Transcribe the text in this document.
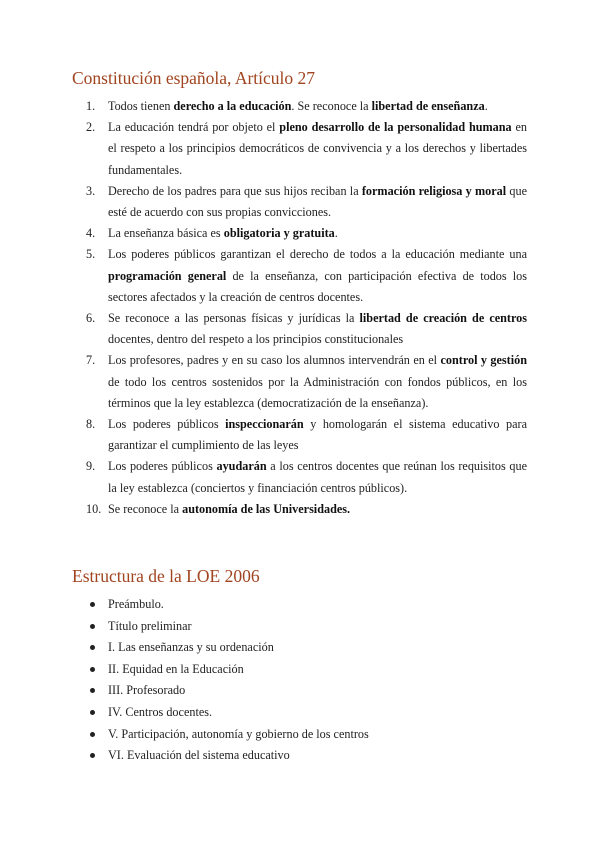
Constitución española, Artículo 27
1. Todos tienen derecho a la educación. Se reconoce la libertad de enseñanza.
2. La educación tendrá por objeto el pleno desarrollo de la personalidad humana en el respeto a los principios democráticos de convivencia y a los derechos y libertades fundamentales.
3. Derecho de los padres para que sus hijos reciban la formación religiosa y moral que esté de acuerdo con sus propias convicciones.
4. La enseñanza básica es obligatoria y gratuita.
5. Los poderes públicos garantizan el derecho de todos a la educación mediante una programación general de la enseñanza, con participación efectiva de todos los sectores afectados y la creación de centros docentes.
6. Se reconoce a las personas físicas y jurídicas la libertad de creación de centros docentes, dentro del respeto a los principios constitucionales
7. Los profesores, padres y en su caso los alumnos intervendrán en el control y gestión de todo los centros sostenidos por la Administración con fondos públicos, en los términos que la ley establezca (democratización de la enseñanza).
8. Los poderes públicos inspeccionarán y homologarán el sistema educativo para garantizar el cumplimiento de las leyes
9. Los poderes públicos ayudarán a los centros docentes que reúnan los requisitos que la ley establezca (conciertos y financiación centros públicos).
10. Se reconoce la autonomía de las Universidades.
Estructura de la LOE 2006
Preámbulo.
Título preliminar
I. Las enseñanzas y su ordenación
II. Equidad en la Educación
III. Profesorado
IV. Centros docentes.
V. Participación, autonomía y gobierno de los centros
VI. Evaluación del sistema educativo
